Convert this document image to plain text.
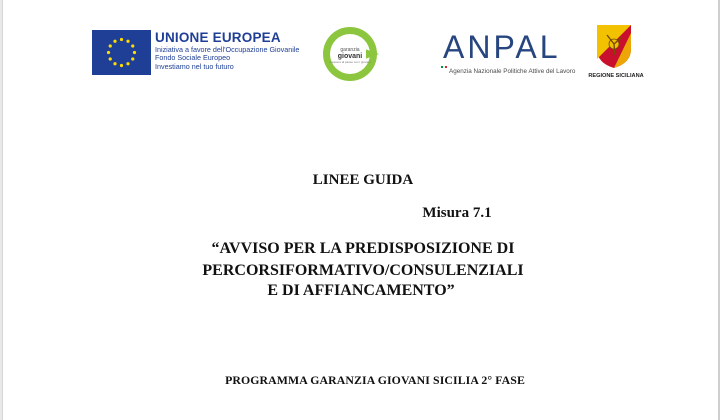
UNIONE EUROPEA
Iniziativa a favore dell'Occupazione Giovanile
Fondo Sociale Europeo
Investiamo nel tuo futuro
garanzia
giovani
crescere al passo con i giovani ANPAL
Agenzia Nazionale Politiche Attive del Lavoro
REGIONE SICILIANA
LINEE GUIDA
Misura 7.1
“AVVISO PER LA PREDISPOSIZIONE DI
PERCORSIFORMATIVO/CONSULENZIALI
E DI AFFIANCAMENTO”
PROGRAMMA GARANZIA GIOVANI SICILIA 2° FASE
